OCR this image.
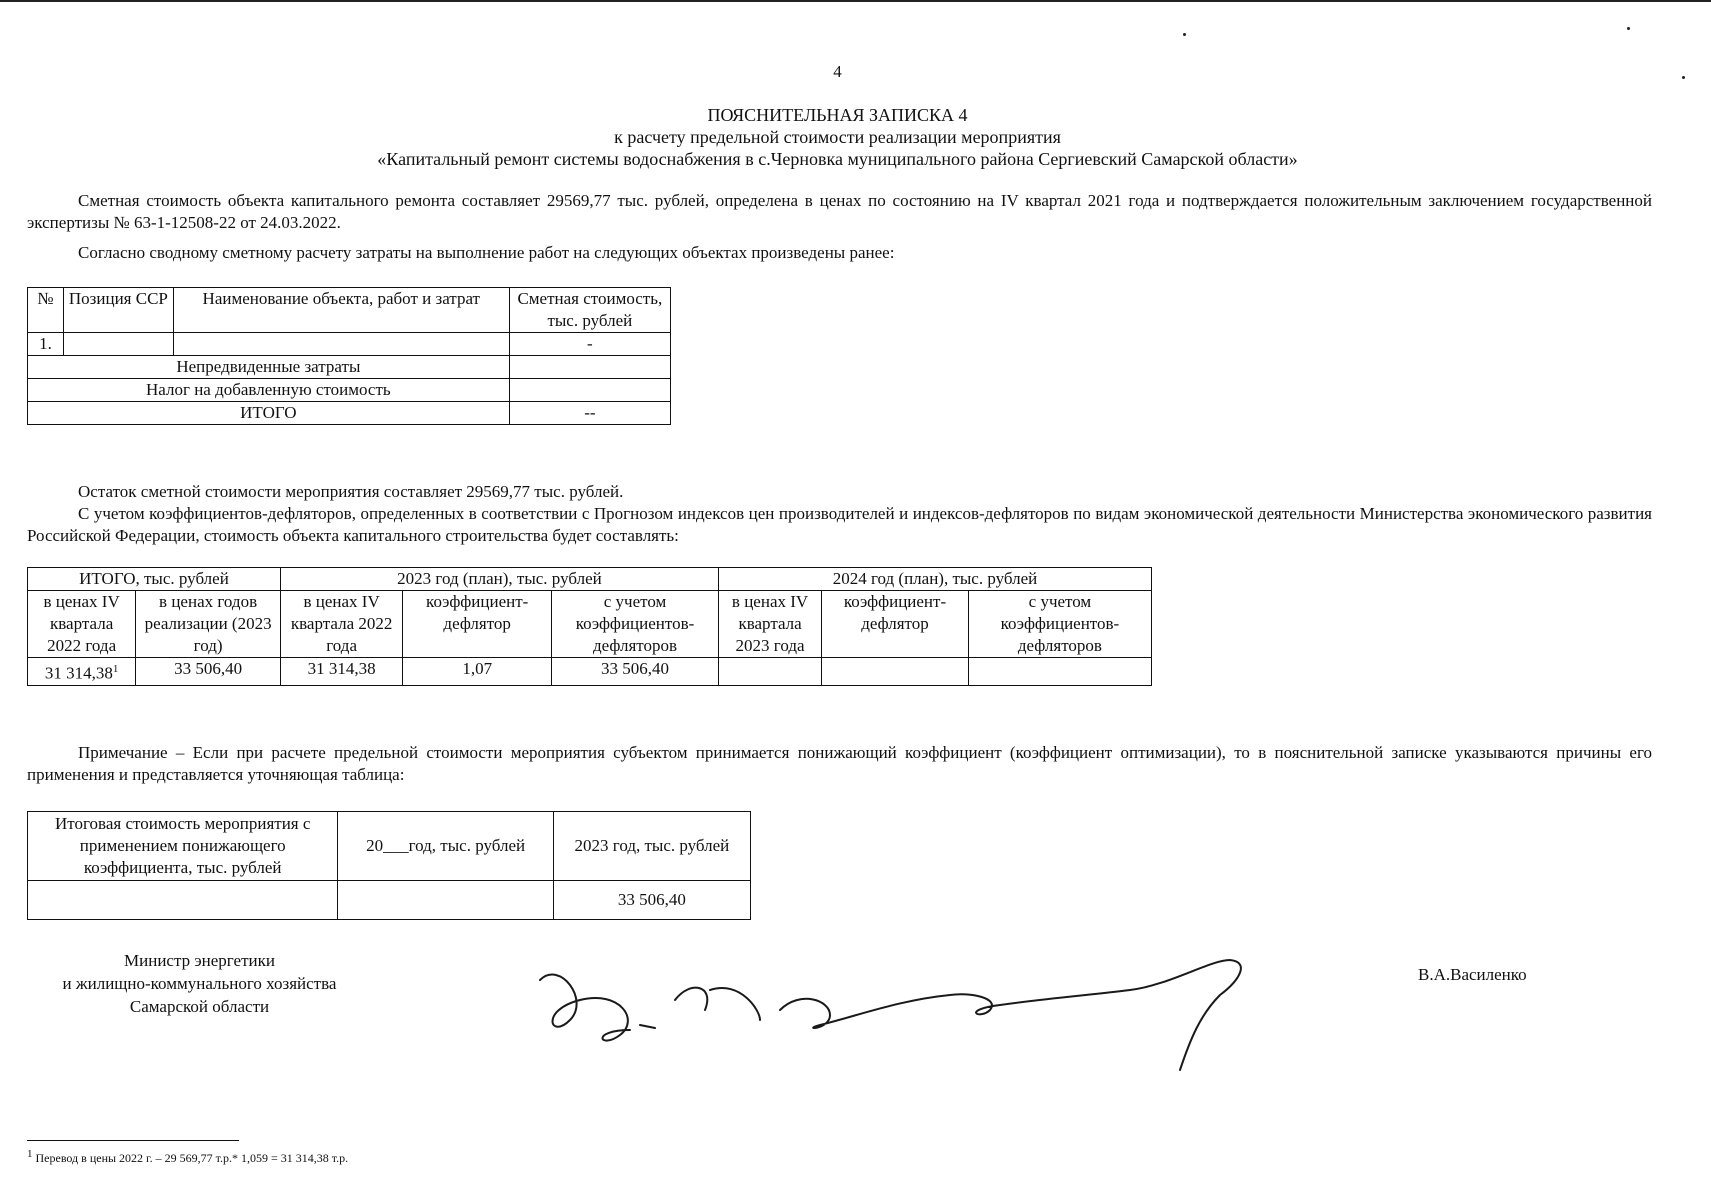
4
ПОЯСНИТЕЛЬНАЯ ЗАПИСКА 4
к расчету предельной стоимости реализации мероприятия
«Капитальный ремонт системы водоснабжения в с.Черновка муниципального района Сергиевский Самарской области»
Сметная стоимость объекта капитального ремонта составляет 29569,77 тыс. рублей, определена в ценах по состоянию на IV квартал 2021 года и подтверждается положительным заключением государственной экспертизы № 63-1-12508-22 от 24.03.2022.
Согласно сводному сметному расчету затраты на выполнение работ на следующих объектах произведены ранее:
№	Позиция ССР	Наименование объекта, работ и затрат	Сметная стоимость, тыс. рублей
1.			-
Непредвиденные затраты			
Налог на добавленную стоимость			
ИТОГО			--
Остаток сметной стоимости мероприятия составляет 29569,77 тыс. рублей.
С учетом коэффициентов-дефляторов, определенных в соответствии с Прогнозом индексов цен производителей и индексов-дефляторов по видам экономической деятельности Министерства экономического развития Российской Федерации, стоимость объекта капитального строительства будет составлять:
ИТОГО, тыс. рублей		2023 год (план), тыс. рублей			2024 год (план), тыс. рублей		
в ценах IV квартала 2022 года	в ценах годов реализации (2023 год)	в ценах IV квартала 2022 года	коэффициент-дефлятор	с учетом коэффициентов-дефляторов	в ценах IV квартала 2023 года	коэффициент-дефлятор	с учетом коэффициентов-дефляторов
31 314,38$^1$	33 506,40	31 314,38	1,07	33 506,40			
Примечание – Если при расчете предельной стоимости мероприятия субъектом принимается понижающий коэффициент (коэффициент оптимизации), то в пояснительной записке указываются причины его применения и представляется уточняющая таблица:
Итоговая стоимость мероприятия с применением понижающего коэффициента, тыс. рублей	20___год, тыс. рублей	2023 год, тыс. рублей
		33 506,40
Министр энергетики
и жилищно-коммунального хозяйства
Самарской области
В.А.Василенко
$^1$ Перевод в цены 2022 г. – 29 569,77 т.р.* 1,059 = 31 314,38 т.р.
